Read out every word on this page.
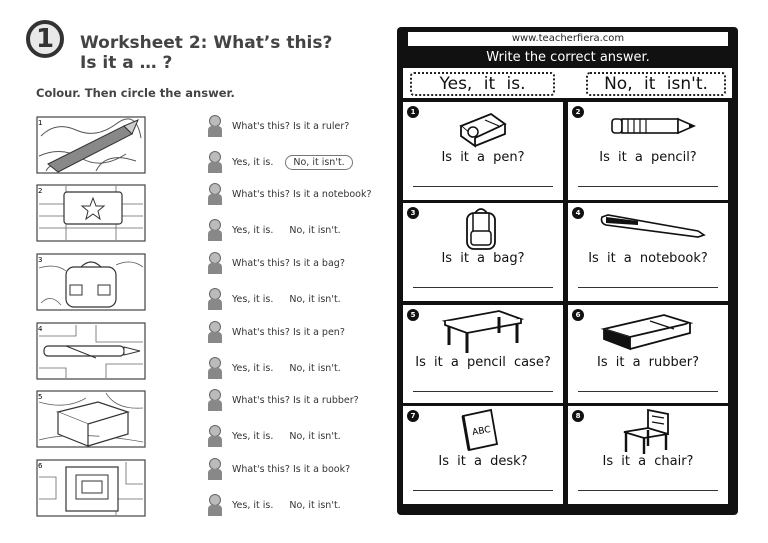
1	Worksheet 2: What’s this?
Is it a … ?
Colour. Then circle the answer.
1	What's this? Is it a ruler?
Yes, it is.	No, it isn't.
2	What's this? Is it a notebook?
Yes, it is. No, it isn't.
3	What's this? Is it a bag?
Yes, it is. No, it isn't.
4	What's this? Is it a pen?
Yes, it is. No, it isn't.
5	What's this? Is it a rubber?
Yes, it is. No, it isn't.
6	What's this? Is it a book?
Yes, it is. No, it isn't.
www.teacherfiera.com
Write the correct answer.
Yes, it is.	No, it isn't.
1
Is it a pen?
2
Is it a pencil?
3
Is it a bag?
4
Is it a notebook?
5
Is it a pencil case?
6
Is it a rubber?
7
ABC
Is it a desk?
8
Is it a chair?
